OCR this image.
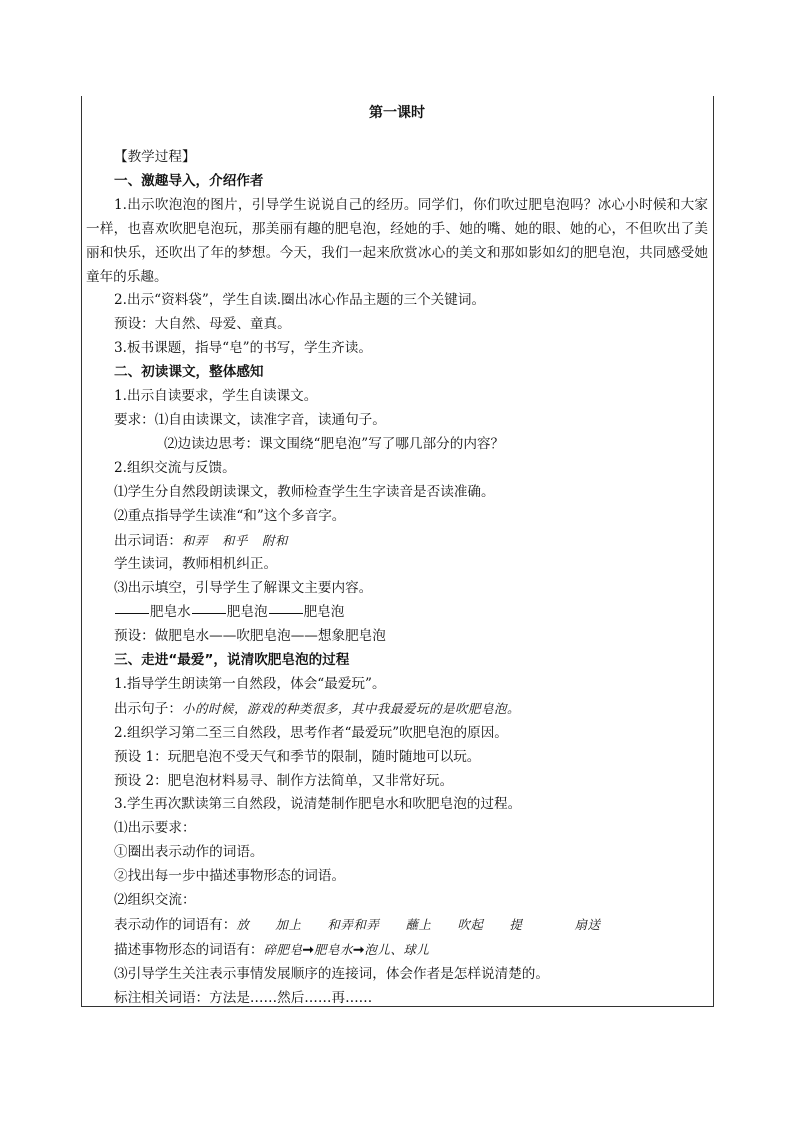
第一课时
【教学过程】
一、激趣导入，介绍作者
1.出示吹泡泡的图片，引导学生说说自己的经历。同学们，你们吹过肥皂泡吗？冰心小时候和大家一样，也喜欢吹肥皂泡玩，那美丽有趣的肥皂泡，经她的手、她的嘴、她的眼、她的心，不但吹出了美丽和快乐，还吹出了年的梦想。今天，我们一起来欣赏冰心的美文和那如影如幻的肥皂泡，共同感受她童年的乐趣。
2.出示“资料袋”，学生自读.圈出冰心作品主题的三个关键词。
预设：大自然、母爱、童真。
3.板书课题，指导“皂”的书写，学生齐读。
二、初读课文，整体感知
1.出示自读要求，学生自读课文。
要求：⑴自由读课文，读准字音，读通句子。
⑵边读边思考：课文围绕“肥皂泡”写了哪几部分的内容？
2.组织交流与反馈。
⑴学生分自然段朗读课文，教师检查学生生字读音是否读准确。
⑵重点指导学生读准“和”这个多音字。
出示词语： 和弄 和乎 附和
学生读词，教师相机纠正。
⑶出示填空，引导学生了解课文主要内容。
肥皂水	肥皂泡	肥皂泡
预设：做肥皂水——吹肥皂泡——想象肥皂泡
三、走进“最爱”，说清吹肥皂泡的过程
1.指导学生朗读第一自然段，体会“最爱玩”。
出示句子： 小的时候，游戏的种类很多，其中我最爱玩的是吹肥皂泡。
2.组织学习第二至三自然段，思考作者“最爱玩”吹肥皂泡的原因。
预设 1：玩肥皂泡不受天气和季节的限制，随时随地可以玩。
预设 2：肥皂泡材料易寻、制作方法简单，又非常好玩。
3.学生再次默读第三自然段，说清楚制作肥皂水和吹肥皂泡的过程。
⑴出示要求：
①圈出表示动作的词语。
②找出每一步中描述事物形态的词语。
⑵组织交流：
表示动作的词语有： 放 加上 和弄和弄 蘸上 吹起 提	扇送
描述事物形态的词语有： 碎肥皂 ➞ 肥皂水 ➞ 泡儿、球儿
⑶引导学生关注表示事情发展顺序的连接词，体会作者是怎样说清楚的。
标注相关词语：方法是……然后……再……
